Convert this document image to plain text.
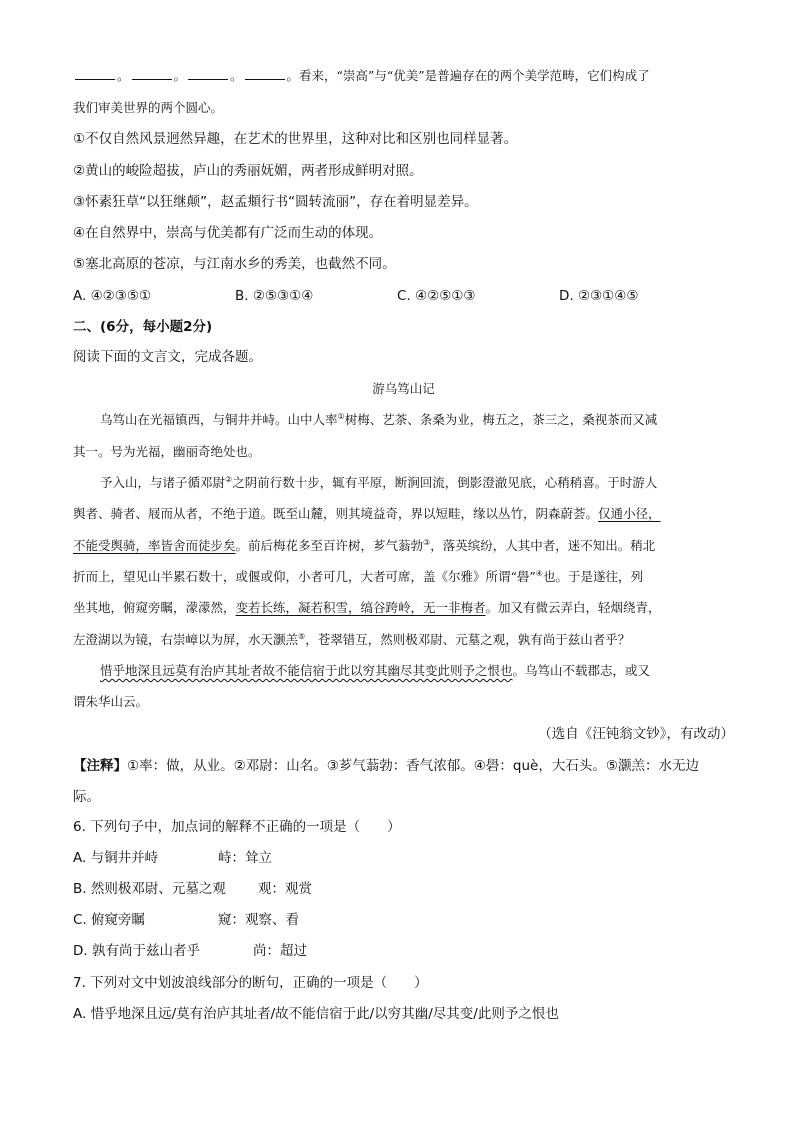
。	。	。	。看来，“崇高”与“优美”是普遍存在的两个美学范畴，它们构成了
我们审美世界的两个圆心。
①不仅自然风景迥然异趣，在艺术的世界里，这种对比和区别也同样显著。
②黄山的峻险超拔，庐山的秀丽妩媚，两者形成鲜明对照。
③怀素狂草“以狂继颠”，赵孟頫行书“圆转流丽”，存在着明显差异。
④在自然界中，崇高与优美都有广泛而生动的体现。
⑤塞北高原的苍凉，与江南水乡的秀美，也截然不同。
A. ④②③⑤①	B. ②⑤③①④	C. ④②⑤①③	D. ②③①④⑤
二、(6分，每小题2分)
阅读下面的文言文，完成各题。
游乌笃山记
乌笃山在光福镇西，与铜井并峙。山中人率①树梅、艺茶、条桑为业，梅五之，茶三之，桑视茶而又减
其一。号为光福，幽丽奇绝处也。
予入山，与诸子循邓尉②之阴前行数十步，辄有平原，断涧回流，倒影澄澈见底，心稍稍喜。于时游人
舆者、骑者、屐而从者，不绝于道。既至山麓，则其境益奇，界以短畦，缘以丛竹，阴森蔚荟。仅通小径，
不能受舆骑，率皆舍而徒步矣。前后梅花多至百许树，芗气蓊勃③，落英缤纷，人其中者，迷不知出。稍北
折而上，望见山半累石数十，或偃或仰，小者可几，大者可席，盖《尔雅》所谓“礐”④也。于是遂往，列
坐其地，俯窥旁瞩，濛濛然，变若长练，凝若积雪，缟谷跨岭，无一非梅者。加又有微云弄白，轻烟绕青，
左澄湖以为镜，右崇嶂以为屏，水天灏羔⑤，苍翠错互，然则极邓尉、元墓之观，孰有尚于兹山者乎？
惜乎地深且远莫有治庐其址者故不能信宿于此以穷其幽尽其变此则予之恨也。乌笃山不载郡志，或又
谓朱华山云。
（选自《汪钝翁文钞》，有改动）
【注释】①率：做，从业。②邓尉：山名。③芗气蓊勃：香气浓郁。④礐：què，大石头。⑤灏羔：水无边
际。
6. 下列句子中，加点词的解释不正确的一项是（　　）
A. 与铜井并峙	峙：耸立
B. 然则极邓尉、元墓之观 观：观赏
C. 俯窥旁瞩	窥：观察、看
D. 孰有尚于兹山者乎	尚：超过
7. 下列对文中划波浪线部分的断句，正确的一项是（　　）
A. 惜乎地深且远/莫有治庐其址者/故不能信宿于此/以穷其幽/尽其变/此则予之恨也
